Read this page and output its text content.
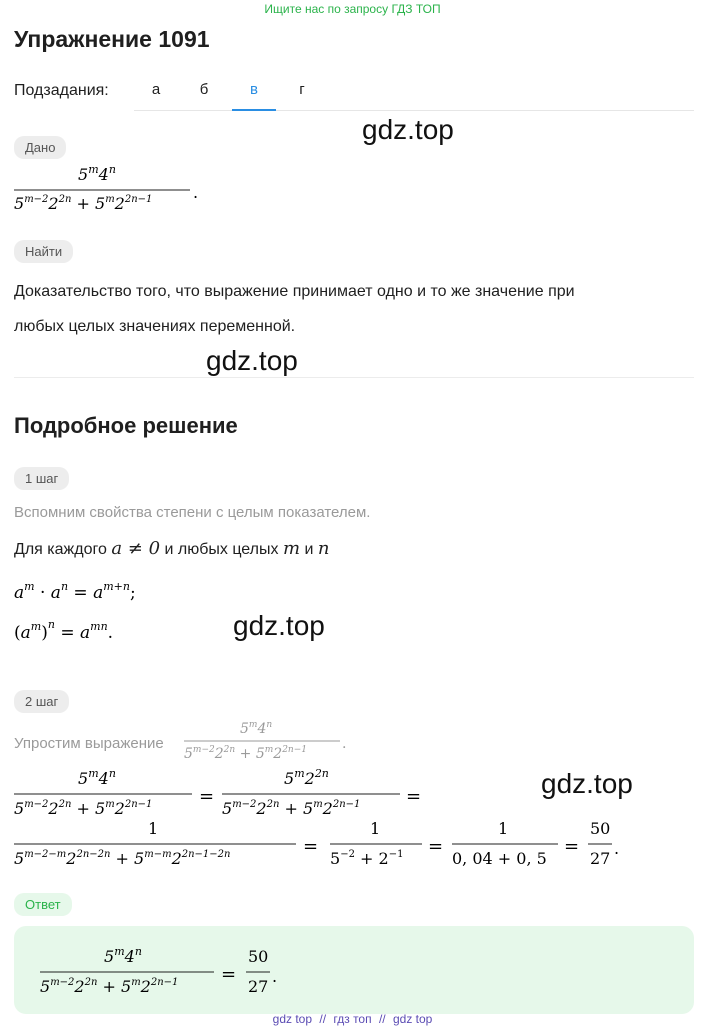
Ищите нас по запросу ГДЗ ТОП
Упражнение 1091
Подзадания:	а	б	в	г
gdz.top
Дано
5$^m$4$^n$
$5^{m-2}2^{2n} + 5^m2^{2n-1}$	.
Найти
Доказательство того, что выражение принимает одно и то же значение при
любых целых значениях переменной.
gdz.top
Подробное решение
1 шаг
Вспомним свойства степени с целым показателем.
Для каждого a ≠ 0 и любых целых m и n
$a^m \cdot a^n = a^{m+n}$;
$(a^m)^n = a^{mn}$.	gdz.top
2 шаг
Упростим выражение
5$^m$4$^n$
$5^{m-2}2^{2n} + 5^m2^{2n-1}$	.
gdz.top
5$^m$4$^n$
$5^{m-2}2^{2n} + 5^m2^{2n-1}$	=
$5^m2^{2n}$
$5^{m-2}2^{2n} + 5^m2^{2n-1}$	=
1
$5^{m-2-m}2^{2n-2n} + 5^{m-m}2^{2n-1-2n}$	=
1
$5^{-2} + 2^{-1}$ =
1
0, 04 + 0, 5
=
50
27
.
Ответ
5$^m$4$^n$
$5^{m-2}2^{2n} + 5^m2^{2n-1}$ =
50
27
.
gdz top // гдз топ // gdz top
